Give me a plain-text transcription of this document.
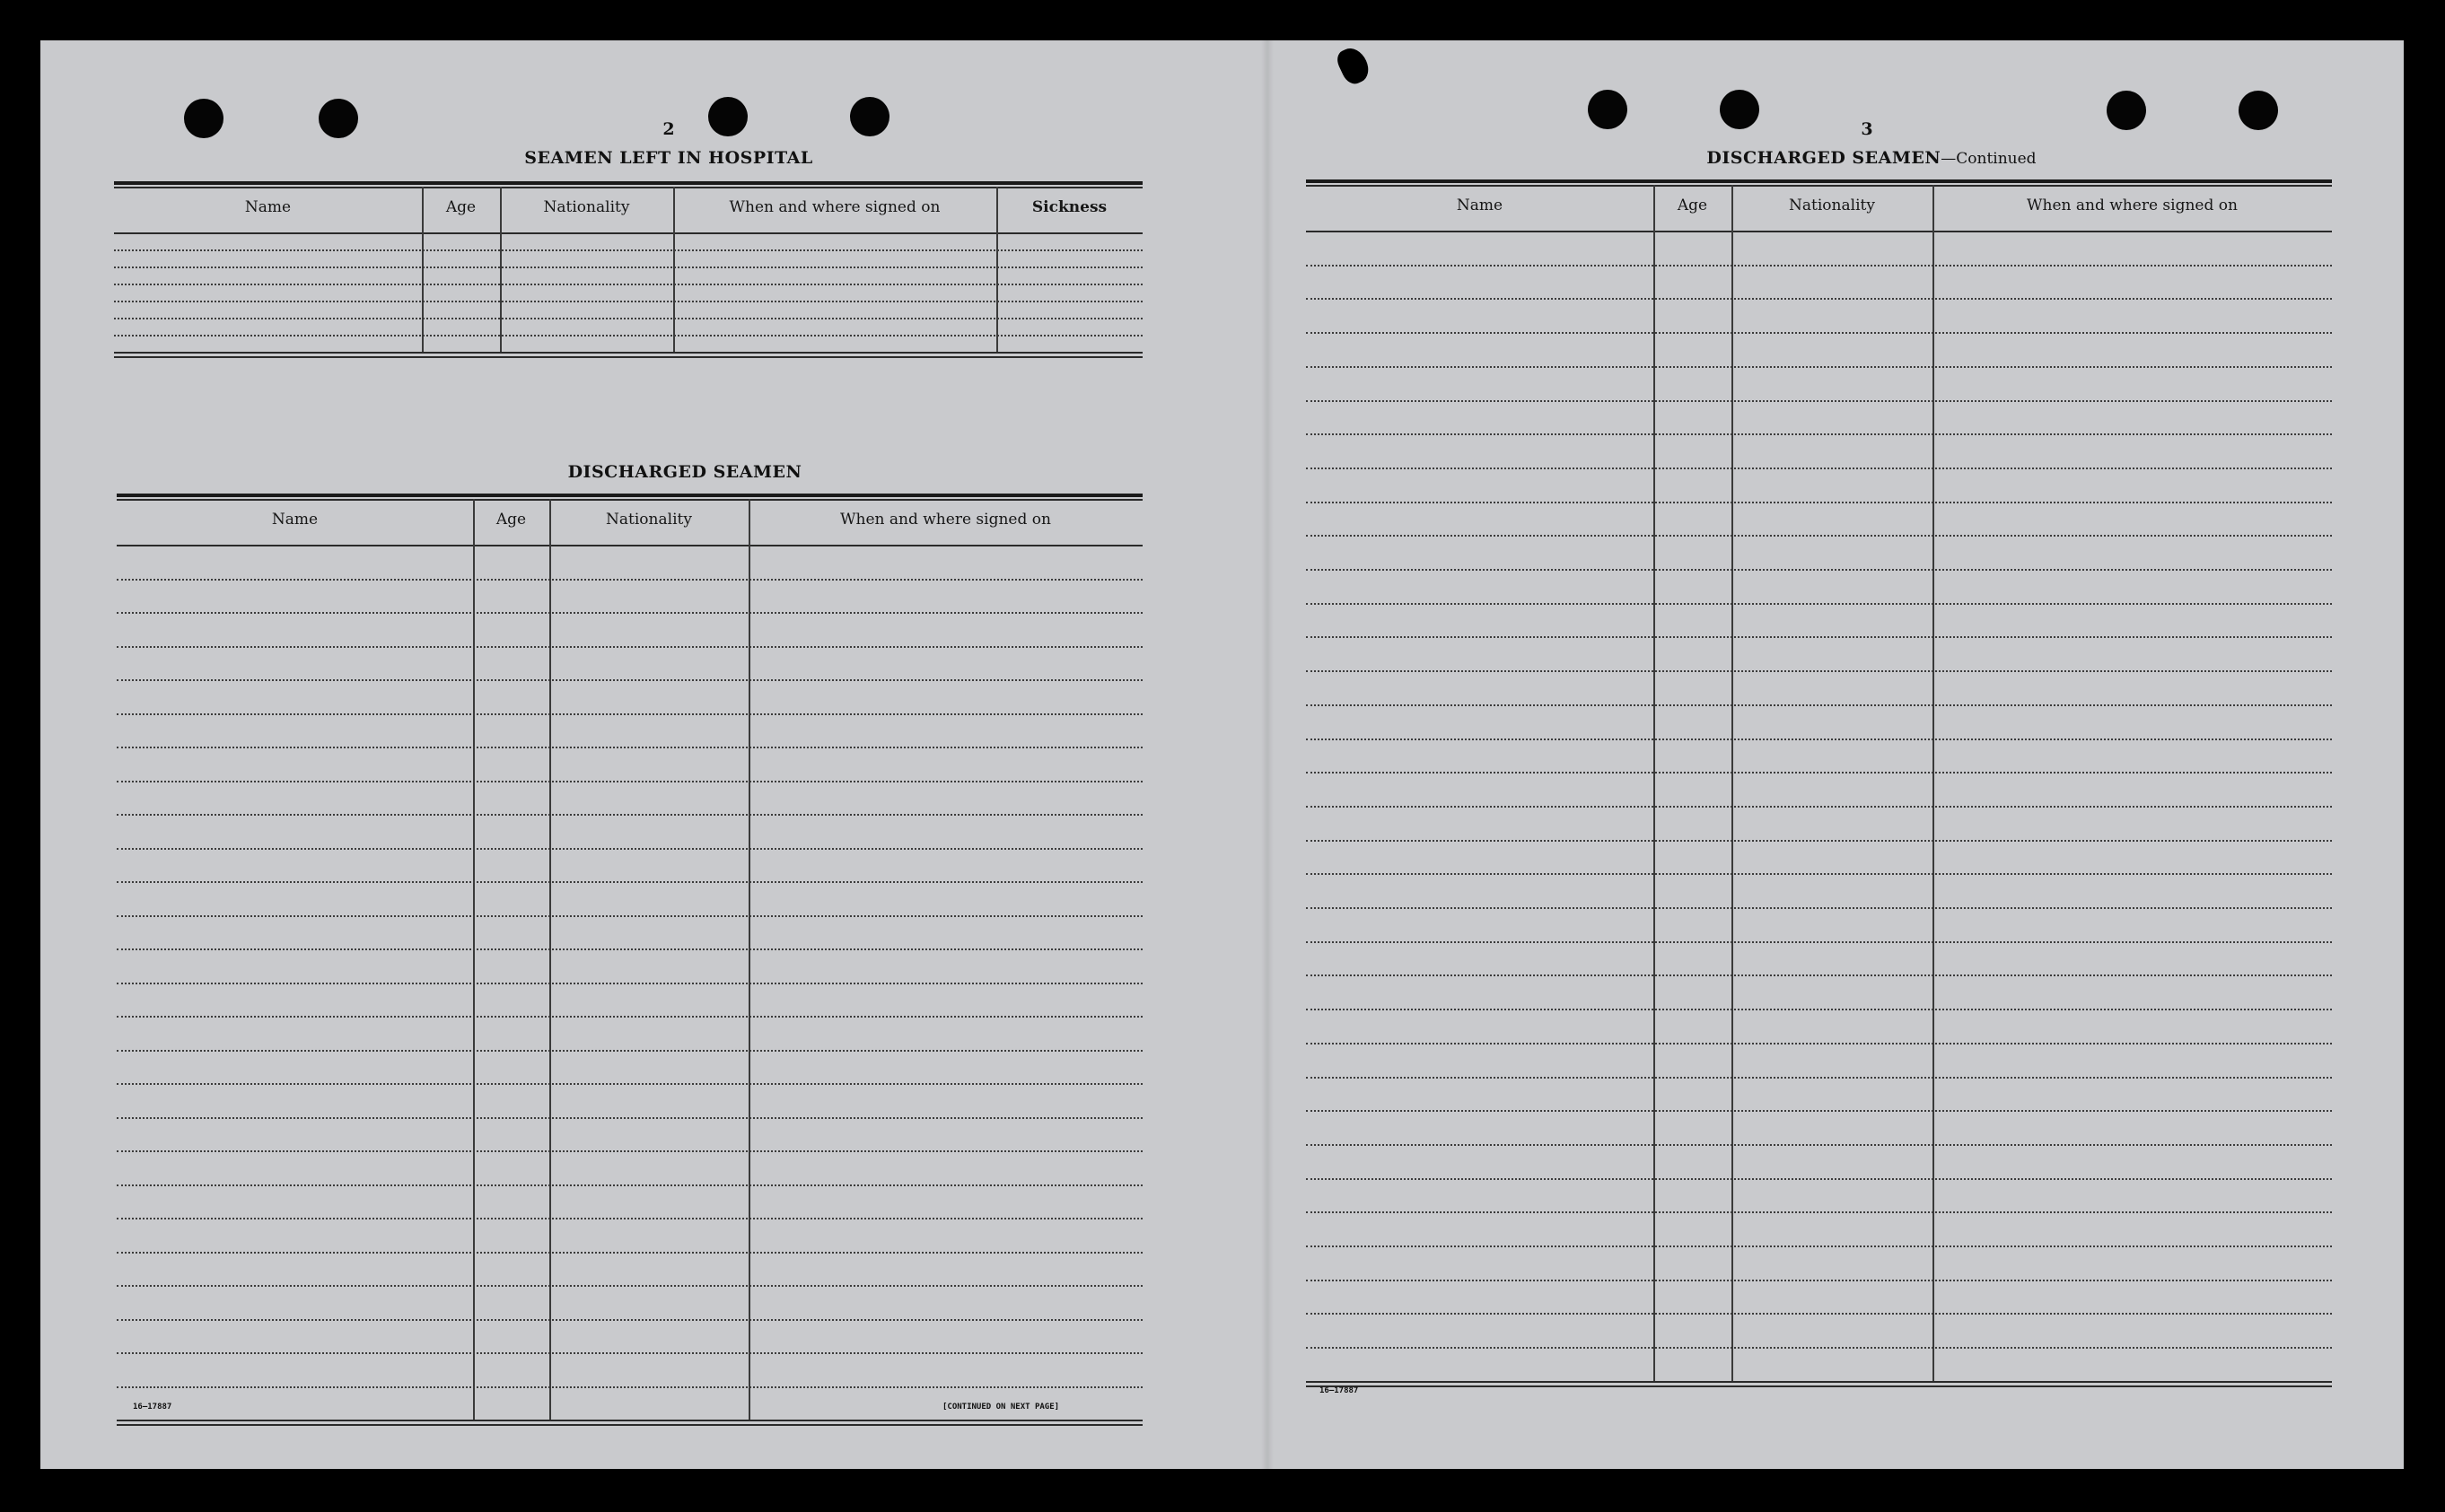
2
SEAMEN LEFT IN HOSPITAL
Name	Age	Nationality	When and where signed on	Sickness
DISCHARGED SEAMEN
Name	Age	Nationality	When and where signed on
16—17887	[CONTINUED ON NEXT PAGE]
3
DISCHARGED SEAMEN—Continued
Name	Age	Nationality	When and where signed on
16—17887
